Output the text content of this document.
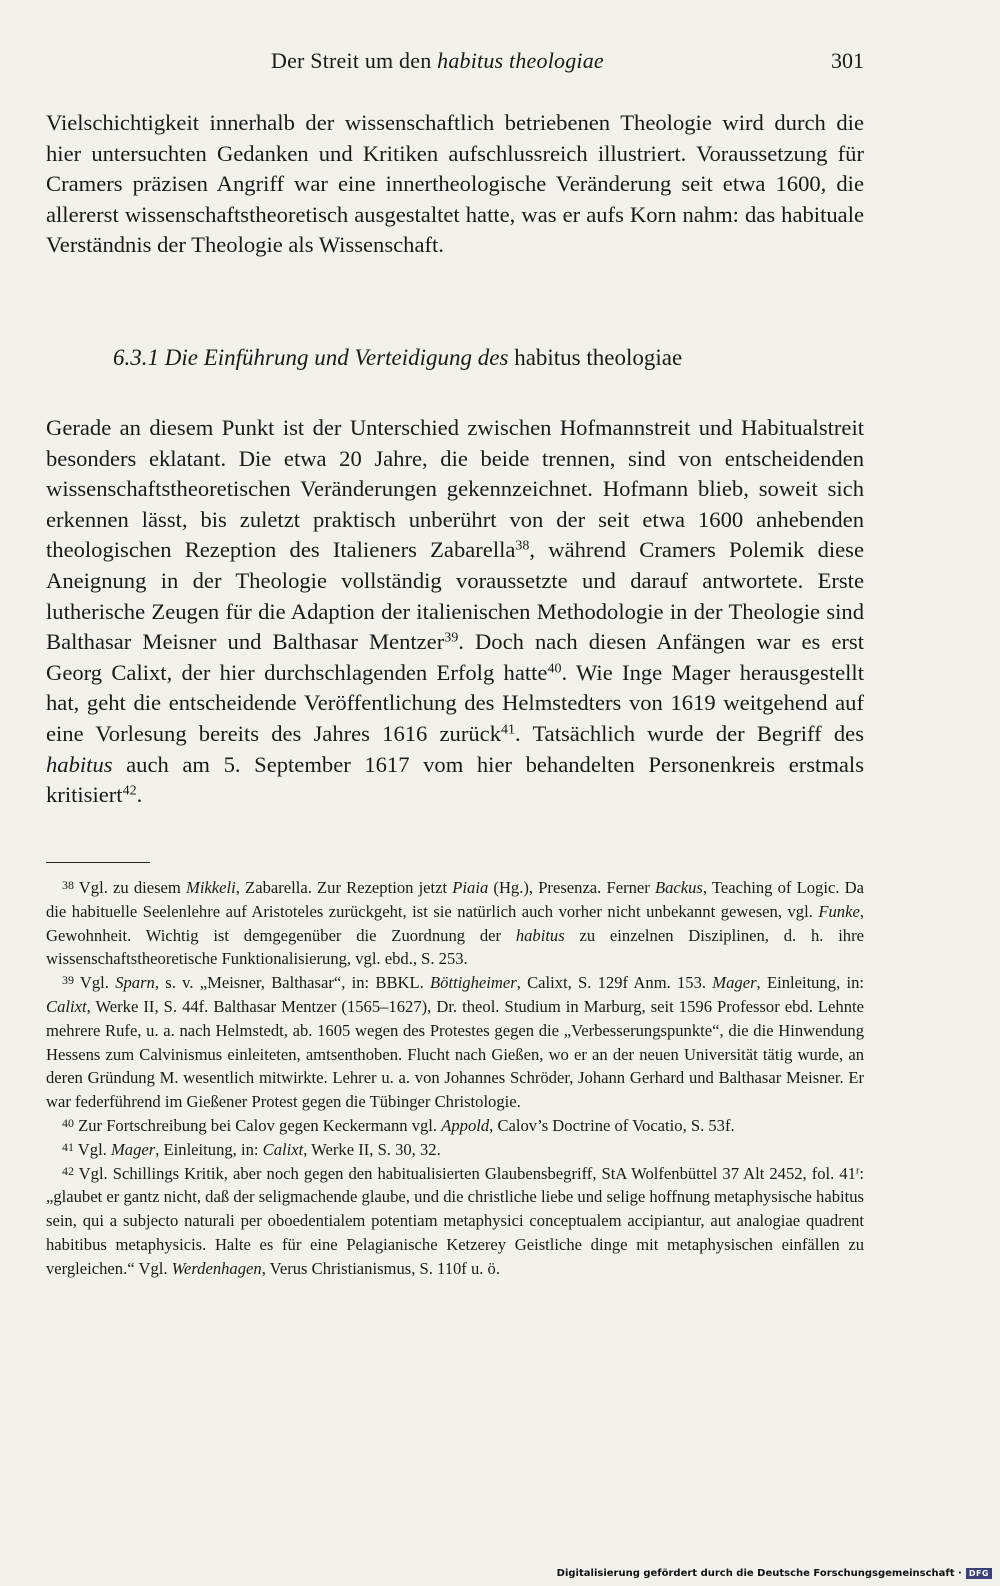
Der Streit um den habitus theologiae	301

Vielschichtigkeit innerhalb der wissenschaftlich betriebenen Theologie wird durch die hier untersuchten Gedanken und Kritiken aufschlussreich illustriert. Voraussetzung für Cramers präzisen Angriff war eine innertheologische Veränderung seit etwa 1600, die allererst wissenschaftstheoretisch ausgestaltet hatte, was er aufs Korn nahm: das habituale Verständnis der Theologie als Wissenschaft.

6.3.1 Die Einführung und Verteidigung des habitus theologiae

Gerade an diesem Punkt ist der Unterschied zwischen Hofmannstreit und Habitualstreit besonders eklatant. Die etwa 20 Jahre, die beide trennen, sind von entscheidenden wissenschaftstheoretischen Veränderungen gekennzeichnet. Hofmann blieb, soweit sich erkennen lässt, bis zuletzt praktisch unberührt von der seit etwa 1600 anhebenden theologischen Rezeption des Italieners Zabarella$^{38}$, während Cramers Polemik diese Aneignung in der Theologie vollständig voraussetzte und darauf antwortete. Erste lutherische Zeugen für die Adaption der italienischen Methodologie in der Theologie sind Balthasar Meisner und Balthasar Mentzer$^{39}$. Doch nach diesen Anfängen war es erst Georg Calixt, der hier durchschlagenden Erfolg hatte$^{40}$. Wie Inge Mager herausgestellt hat, geht die entscheidende Veröffentlichung des Helmstedters von 1619 weitgehend auf eine Vorlesung bereits des Jahres 1616 zurück$^{41}$. Tatsächlich wurde der Begriff des habitus auch am 5. September 1617 vom hier behandelten Personenkreis erstmals kritisiert$^{42}$.

$^{38}$ Vgl. zu diesem Mikkeli, Zabarella. Zur Rezeption jetzt Piaia (Hg.), Presenza. Ferner Backus, Teaching of Logic. Da die habituelle Seelenlehre auf Aristoteles zurückgeht, ist sie natürlich auch vorher nicht unbekannt gewesen, vgl. Funke, Gewohnheit. Wichtig ist demgegenüber die Zuordnung der habitus zu einzelnen Disziplinen, d. h. ihre wissenschaftstheoretische Funktionalisierung, vgl. ebd., S. 253.

$^{39}$ Vgl. Sparn, s. v. „Meisner, Balthasar“, in: BBKL. Böttigheimer, Calixt, S. 129f Anm. 153. Mager, Einleitung, in: Calixt, Werke II, S. 44f. Balthasar Mentzer (1565–1627), Dr. theol. Studium in Marburg, seit 1596 Professor ebd. Lehnte mehrere Rufe, u. a. nach Helmstedt, ab. 1605 wegen des Protestes gegen die „Verbesserungspunkte“, die die Hinwendung Hessens zum Calvinismus einleiteten, amtsenthoben. Flucht nach Gießen, wo er an der neuen Universität tätig wurde, an deren Gründung M. wesentlich mitwirkte. Lehrer u. a. von Johannes Schröder, Johann Gerhard und Balthasar Meisner. Er war federführend im Gießener Protest gegen die Tübinger Christologie.

$^{40}$ Zur Fortschreibung bei Calov gegen Keckermann vgl. Appold, Calov’s Doctrine of Vocatio, S. 53f.

$^{41}$ Vgl. Mager, Einleitung, in: Calixt, Werke II, S. 30, 32.

$^{42}$ Vgl. Schillings Kritik, aber noch gegen den habitualisierten Glaubensbegriff, StA Wolfenbüttel 37 Alt 2452, fol. 41$^r$: „glaubet er gantz nicht, daß der seligmachende glaube, und die christliche liebe und selige hoffnung metaphysische habitus sein, qui a subjecto naturali per oboedentialem potentiam metaphysici conceptualem accipiantur, aut analogiae quadrent habitibus metaphysicis. Halte es für eine Pelagianische Ketzerey Geistliche dinge mit metaphysischen einfällen zu vergleichen.“ Vgl. Werdenhagen, Verus Christianismus, S. 110f u. ö.

Digitalisierung gefördert durch die Deutsche Forschungsgemeinschaft · DFG
